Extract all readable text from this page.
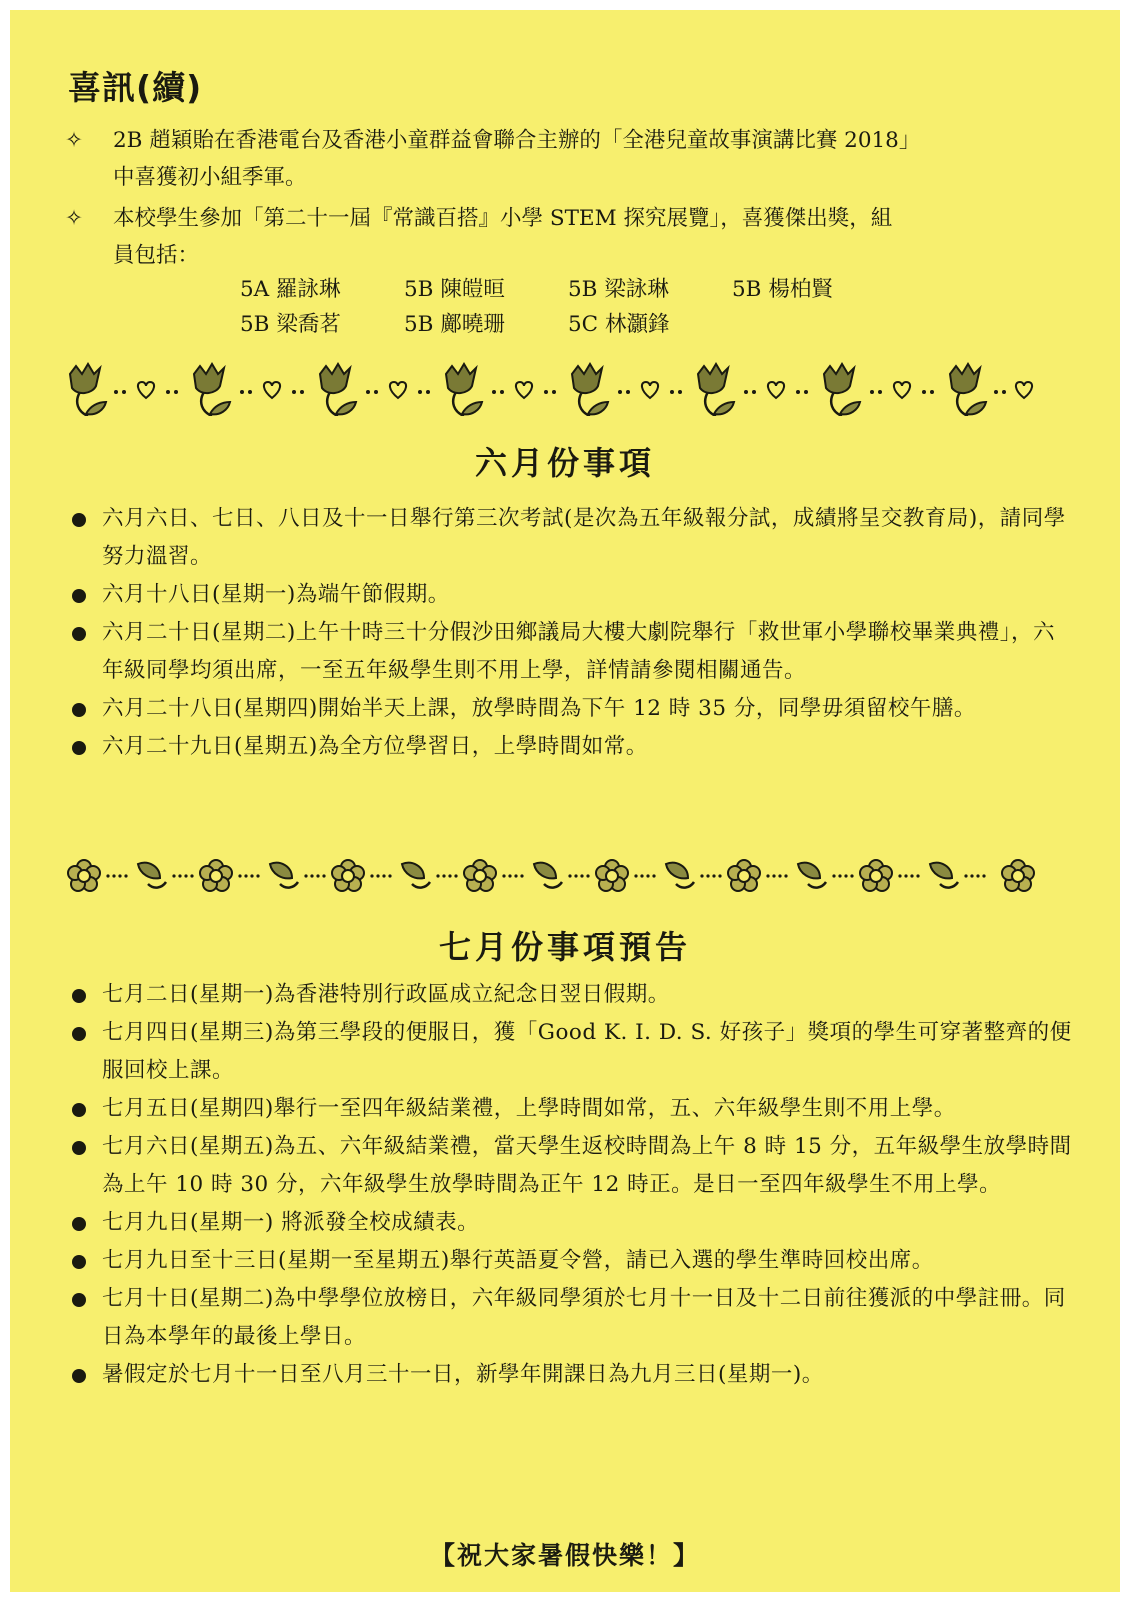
喜訊(續)
✧ 2B 趙穎貽在香港電台及香港小童群益會聯合主辦的「全港兒童故事演講比賽 2018」

中喜獲初小組季軍。

✧ 本校學生參加「第二十一屆『常識百搭』小學 STEM 探究展覽」，喜獲傑出獎，組

員包括：

5A 羅詠琳	5B 陳皚晅	5B 梁詠琳	5B 楊柏賢
5B 梁喬茗	5B 鄺曉珊	5C 林灝鋒
六月份事項
六月六日、七日、八日及十一日舉行第三次考試(是次為五年級報分試，成績將呈交教育局)，請同學努力溫習。
六月十八日(星期一)為端午節假期。
六月二十日(星期二)上午十時三十分假沙田鄉議局大樓大劇院舉行「救世軍小學聯校畢業典禮」，六年級同學均須出席，一至五年級學生則不用上學，詳情請參閱相關通告。
六月二十八日(星期四)開始半天上課，放學時間為下午 12 時 35 分，同學毋須留校午膳。
六月二十九日(星期五)為全方位學習日，上學時間如常。
七月份事項預告
七月二日(星期一)為香港特別行政區成立紀念日翌日假期。
七月四日(星期三)為第三學段的便服日，獲「Good K. I. D. S. 好孩子」獎項的學生可穿著整齊的便服回校上課。
七月五日(星期四)舉行一至四年級結業禮，上學時間如常，五、六年級學生則不用上學。
七月六日(星期五)為五、六年級結業禮，當天學生返校時間為上午 8 時 15 分，五年級學生放學時間為上午 10 時 30 分，六年級學生放學時間為正午 12 時正。是日一至四年級學生不用上學。
七月九日(星期一) 將派發全校成績表。
七月九日至十三日(星期一至星期五)舉行英語夏令營，請已入選的學生準時回校出席。
七月十日(星期二)為中學學位放榜日，六年級同學須於七月十一日及十二日前往獲派的中學註冊。同日為本學年的最後上學日。
暑假定於七月十一日至八月三十一日，新學年開課日為九月三日(星期一)。
【祝大家暑假快樂！】
